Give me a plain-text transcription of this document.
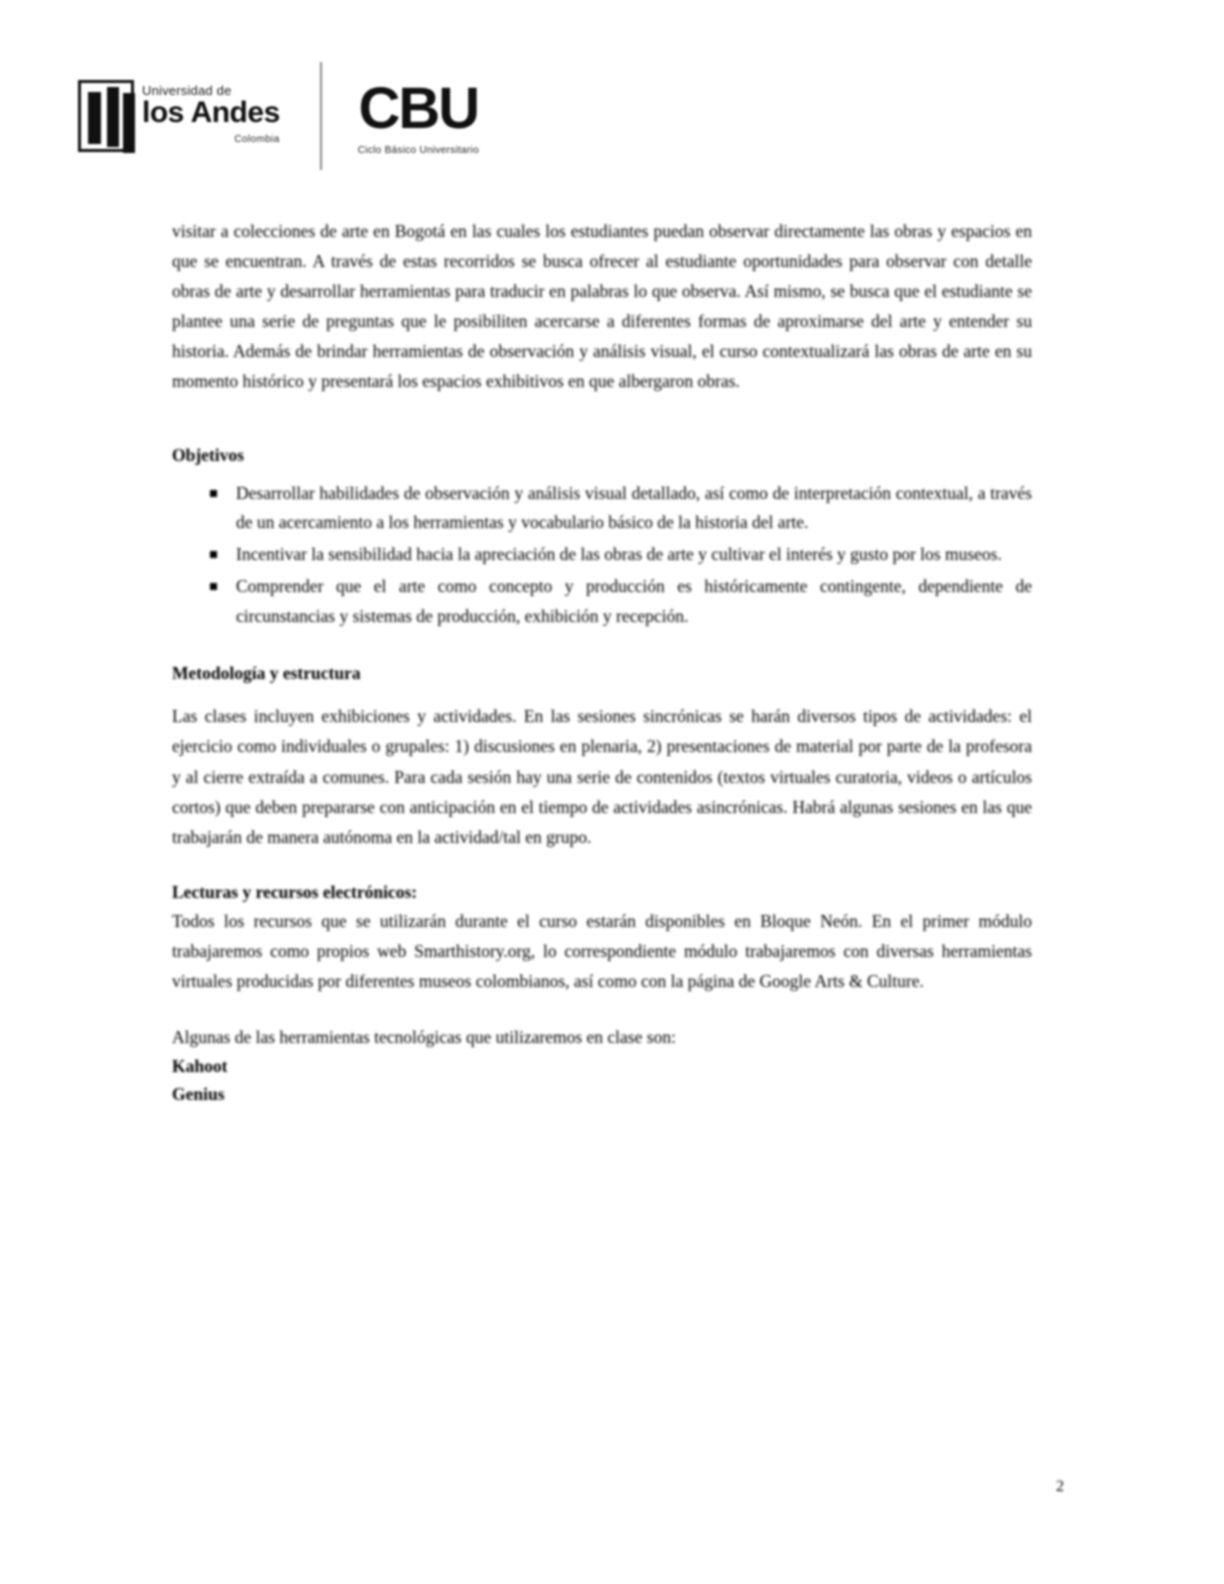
Universidad de
los Andes
Colombia CBU
Ciclo Básico Universitario

visitar a colecciones de arte en Bogotá en las cuales los estudiantes puedan observar directamente las obras y espacios en que se encuentran. A través de estas recorridos se busca ofrecer al estudiante oportunidades para observar con detalle obras de arte y desarrollar herramientas para traducir en palabras lo que observa. Así mismo, se busca que el estudiante se plantee una serie de preguntas que le posibiliten acercarse a diferentes formas de aproximarse del arte y entender su historia. Además de brindar herramientas de observación y análisis visual, el curso contextualizará las obras de arte en su momento histórico y presentará los espacios exhibitivos en que albergaron obras.

Objetivos
Desarrollar habilidades de observación y análisis visual detallado, así como de interpretación contextual, a través de un acercamiento a los herramientas y vocabulario básico de la historia del arte.
Incentivar la sensibilidad hacia la apreciación de las obras de arte y cultivar el interés y gusto por los museos.
Comprender que el arte como concepto y producción es históricamente contingente, dependiente de circunstancias y sistemas de producción, exhibición y recepción.
Metodología y estructura

Las clases incluyen exhibiciones y actividades. En las sesiones sincrónicas se harán diversos tipos de actividades: el ejercicio como individuales o grupales: 1) discusiones en plenaria, 2) presentaciones de material por parte de la profesora y al cierre extraída a comunes. Para cada sesión hay una serie de contenidos (textos virtuales curatoria, videos o artículos cortos) que deben prepararse con anticipación en el tiempo de actividades asincrónicas. Habrá algunas sesiones en las que trabajarán de manera autónoma en la actividad/tal en grupo.

Lecturas y recursos electrónicos:

Todos los recursos que se utilizarán durante el curso estarán disponibles en Bloque Neón. En el primer módulo trabajaremos como propios web Smarthistory.org, lo correspondiente módulo trabajaremos con diversas herramientas virtuales producidas por diferentes museos colombianos, así como con la página de Google Arts & Culture.

Algunas de las herramientas tecnológicas que utilizaremos en clase son:

Kahoot
Genius
2
